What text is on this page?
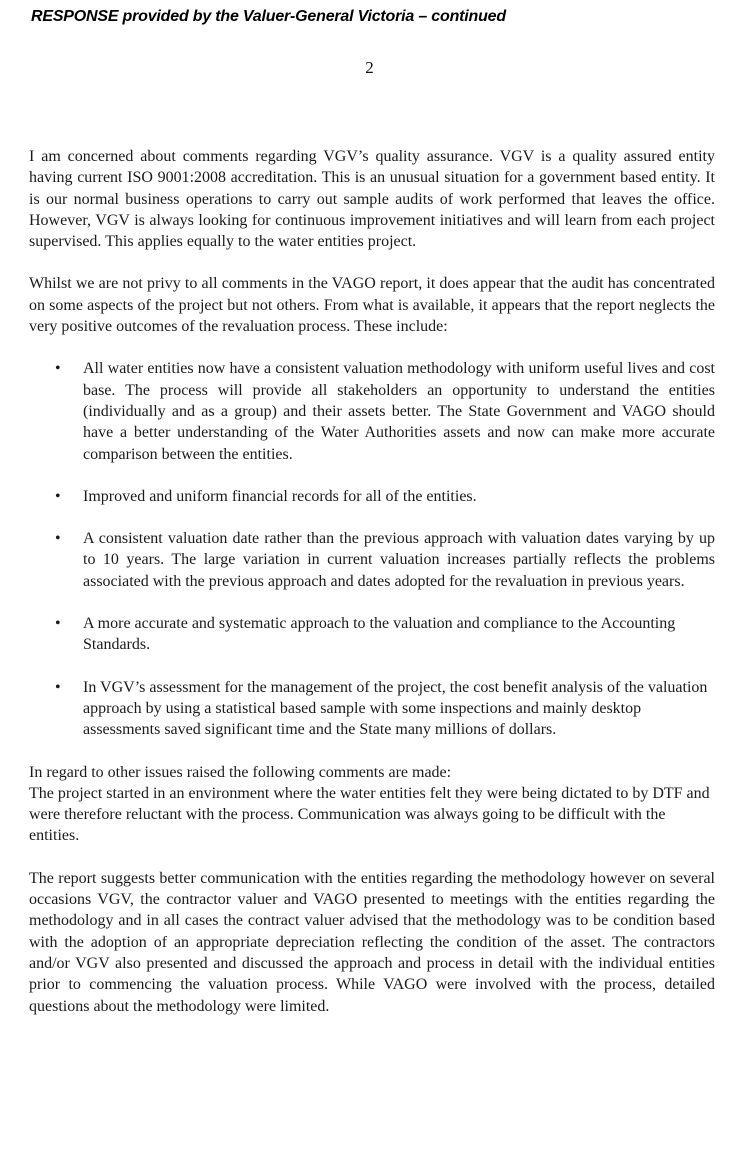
RESPONSE provided by the Valuer-General Victoria – continued
2

I am concerned about comments regarding VGV’s quality assurance. VGV is a quality assured entity having current ISO 9001:2008 accreditation. This is an unusual situation for a government based entity. It is our normal business operations to carry out sample audits of work performed that leaves the office. However, VGV is always looking for continuous improvement initiatives and will learn from each project supervised. This applies equally to the water entities project.

Whilst we are not privy to all comments in the VAGO report, it does appear that the audit has concentrated on some aspects of the project but not others. From what is available, it appears that the report neglects the very positive outcomes of the revaluation process. These include:

• All water entities now have a consistent valuation methodology with uniform useful lives and cost base. The process will provide all stakeholders an opportunity to understand the entities (individually and as a group) and their assets better. The State Government and VAGO should have a better understanding of the Water Authorities assets and now can make more accurate comparison between the entities.
• Improved and uniform financial records for all of the entities.
• A consistent valuation date rather than the previous approach with valuation dates varying by up to 10 years. The large variation in current valuation increases partially reflects the problems associated with the previous approach and dates adopted for the revaluation in previous years.
• A more accurate and systematic approach to the valuation and compliance to the Accounting Standards.
• In VGV’s assessment for the management of the project, the cost benefit analysis of the valuation approach by using a statistical based sample with some inspections and mainly desktop assessments saved significant time and the State many millions of dollars.

In regard to other issues raised the following comments are made:

The project started in an environment where the water entities felt they were being dictated to by DTF and were therefore reluctant with the process. Communication was always going to be difficult with the entities.

The report suggests better communication with the entities regarding the methodology however on several occasions VGV, the contractor valuer and VAGO presented to meetings with the entities regarding the methodology and in all cases the contract valuer advised that the methodology was to be condition based with the adoption of an appropriate depreciation reflecting the condition of the asset. The contractors and/or VGV also presented and discussed the approach and process in detail with the individual entities prior to commencing the valuation process. While VAGO were involved with the process, detailed questions about the methodology were limited.
